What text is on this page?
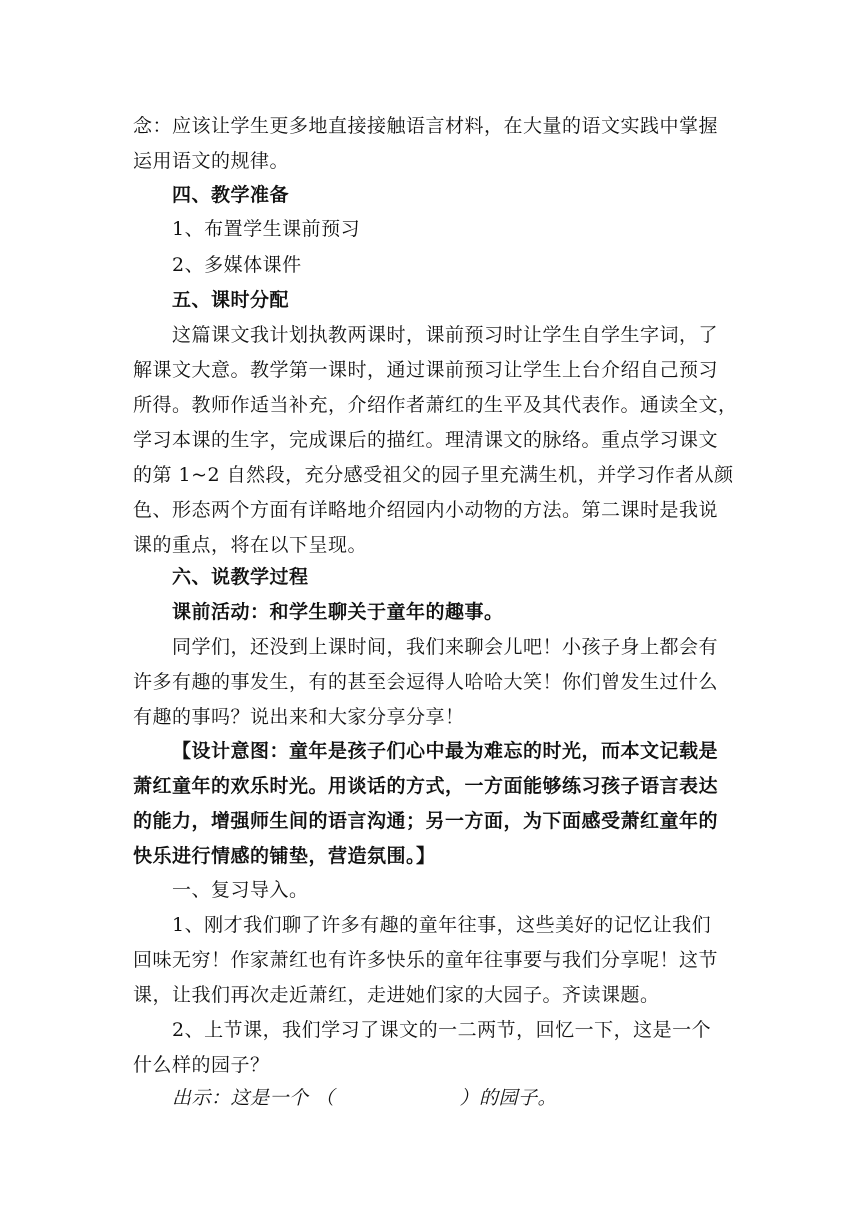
念：应该让学生更多地直接接触语言材料，在大量的语文实践中掌握
运用语文的规律。
四、教学准备
1、布置学生课前预习
2、多媒体课件
五、课时分配
这篇课文我计划执教两课时，课前预习时让学生自学生字词，了
解课文大意。教学第一课时，通过课前预习让学生上台介绍自己预习
所得。教师作适当补充，介绍作者萧红的生平及其代表作。通读全文，
学习本课的生字，完成课后的描红。理清课文的脉络。重点学习课文
的第 1~2 自然段，充分感受祖父的园子里充满生机，并学习作者从颜
色、形态两个方面有详略地介绍园内小动物的方法。第二课时是我说
课的重点，将在以下呈现。
六、说教学过程
课前活动：和学生聊关于童年的趣事。
同学们，还没到上课时间，我们来聊会儿吧！小孩子身上都会有
许多有趣的事发生，有的甚至会逗得人哈哈大笑！你们曾发生过什么
有趣的事吗？说出来和大家分享分享！
【设计意图：童年是孩子们心中最为难忘的时光，而本文记载是
萧红童年的欢乐时光。用谈话的方式，一方面能够练习孩子语言表达
的能力，增强师生间的语言沟通；另一方面，为下面感受萧红童年的
快乐进行情感的铺垫，营造氛围。】
一、复习导入。
1、刚才我们聊了许多有趣的童年往事，这些美好的记忆让我们
回味无穷！作家萧红也有许多快乐的童年往事要与我们分享呢！这节
课，让我们再次走近萧红，走进她们家的大园子。齐读课题。
2、上节课，我们学习了课文的一二两节，回忆一下，这是一个
什么样的园子？
出示：这是一个 （	）的园子。
